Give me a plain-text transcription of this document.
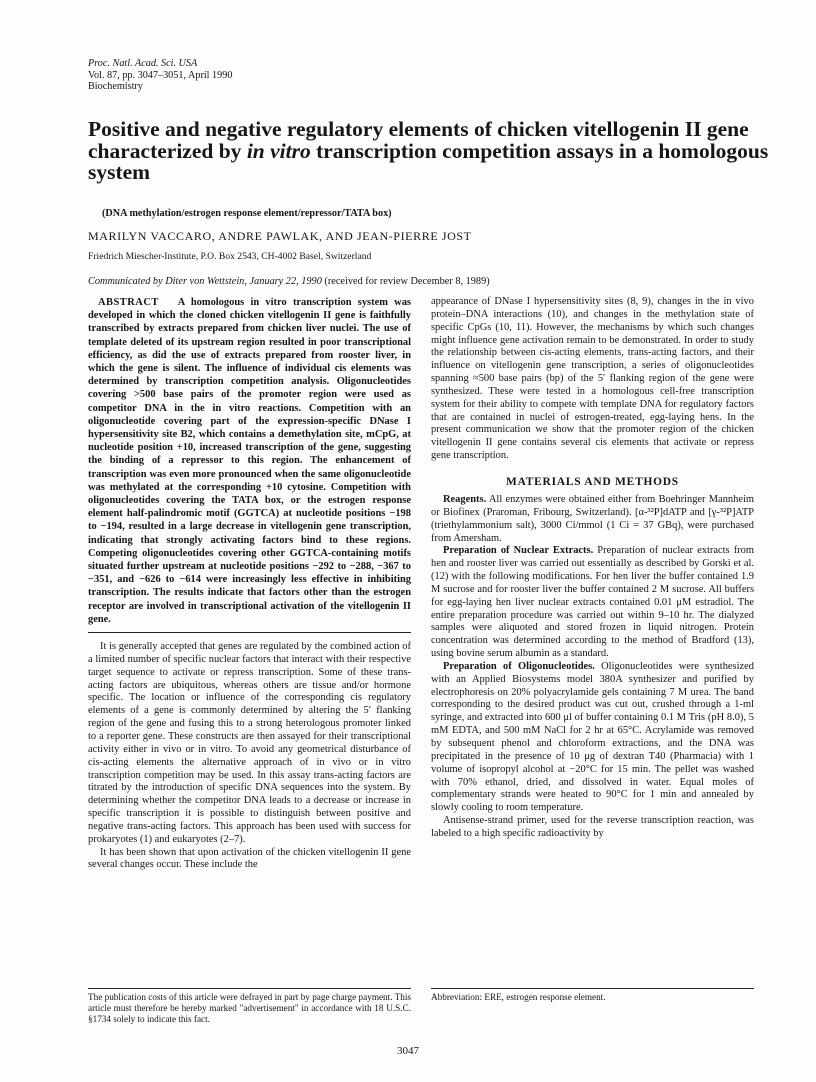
Proc. Natl. Acad. Sci. USA
Vol. 87, pp. 3047–3051, April 1990
Biochemistry
Positive and negative regulatory elements of chicken vitellogenin II gene characterized by in vitro transcription competition assays in a homologous system
(DNA methylation/estrogen response element/repressor/TATA box)
MARILYN VACCARO, ANDRE PAWLAK, AND JEAN-PIERRE JOST
Friedrich Miescher-Institute, P.O. Box 2543, CH-4002 Basel, Switzerland
Communicated by Diter von Wettstein, January 22, 1990 (received for review December 8, 1989)

ABSTRACT A homologous in vitro transcription system was developed in which the cloned chicken vitellogenin II gene is faithfully transcribed by extracts prepared from chicken liver nuclei. The use of template deleted of its upstream region resulted in poor transcriptional efficiency, as did the use of extracts prepared from rooster liver, in which the gene is silent. The influence of individual cis elements was determined by transcription competition analysis. Oligonucleotides covering >500 base pairs of the promoter region were used as competitor DNA in the in vitro reactions. Competition with an oligonucleotide covering part of the expression-specific DNase I hypersensitivity site B2, which contains a demethylation site, mCpG, at nucleotide position +10, increased transcription of the gene, suggesting the binding of a repressor to this region. The enhancement of transcription was even more pronounced when the same oligonucleotide was methylated at the corresponding +10 cytosine. Competition with oligonucleotides covering the TATA box, or the estrogen response element half-palindromic motif (GGTCA) at nucleotide positions −198 to −194, resulted in a large decrease in vitellogenin gene transcription, indicating that strongly activating factors bind to these regions. Competing oligonucleotides covering other GGTCA-containing motifs situated further upstream at nucleotide positions −292 to −288, −367 to −351, and −626 to −614 were increasingly less effective in inhibiting transcription. The results indicate that factors other than the estrogen receptor are involved in transcriptional activation of the vitellogenin II gene.

It is generally accepted that genes are regulated by the combined action of a limited number of specific nuclear factors that interact with their respective target sequence to activate or repress transcription. Some of these trans-acting factors are ubiquitous, whereas others are tissue and/or hormone specific. The location or influence of the corresponding cis regulatory elements of a gene is commonly determined by altering the 5′ flanking region of the gene and fusing this to a strong heterologous promoter linked to a reporter gene. These constructs are then assayed for their transcriptional activity either in vivo or in vitro. To avoid any geometrical disturbance of cis-acting elements the alternative approach of in vivo or in vitro transcription competition may be used. In this assay trans-acting factors are titrated by the introduction of specific DNA sequences into the system. By determining whether the competitor DNA leads to a decrease or increase in specific transcription it is possible to distinguish between positive and negative trans-acting factors. This approach has been used with success for prokaryotes (1) and eukaryotes (2–7).

It has been shown that upon activation of the chicken vitellogenin II gene several changes occur. These include the

appearance of DNase I hypersensitivity sites (8, 9), changes in the in vivo protein–DNA interactions (10), and changes in the methylation state of specific CpGs (10, 11). However, the mechanisms by which such changes might influence gene activation remain to be demonstrated. In order to study the relationship between cis-acting elements, trans-acting factors, and their influence on vitellogenin gene transcription, a series of oligonucleotides spanning ≈500 base pairs (bp) of the 5′ flanking region of the gene were synthesized. These were tested in a homologous cell-free transcription system for their ability to compete with template DNA for regulatory factors that are contained in nuclei of estrogen-treated, egg-laying hens. In the present communication we show that the promoter region of the chicken vitellogenin II gene contains several cis elements that activate or repress gene transcription.

MATERIALS AND METHODS

Reagents. All enzymes were obtained either from Boehringer Mannheim or Biofinex (Praroman, Fribourg, Switzerland). [α-³²P]dATP and [γ-³²P]ATP (triethylammonium salt), 3000 Ci/mmol (1 Ci = 37 GBq), were purchased from Amersham.

Preparation of Nuclear Extracts. Preparation of nuclear extracts from hen and rooster liver was carried out essentially as described by Gorski et al. (12) with the following modifications. For hen liver the buffer contained 1.9 M sucrose and for rooster liver the buffer contained 2 M sucrose. All buffers for egg-laying hen liver nuclear extracts contained 0.01 μM estradiol. The entire preparation procedure was carried out within 9–10 hr. The dialyzed samples were aliquoted and stored frozen in liquid nitrogen. Protein concentration was determined according to the method of Bradford (13), using bovine serum albumin as a standard.

Preparation of Oligonucleotides. Oligonucleotides were synthesized with an Applied Biosystems model 380A synthesizer and purified by electrophoresis on 20% polyacrylamide gels containing 7 M urea. The band corresponding to the desired product was cut out, crushed through a 1-ml syringe, and extracted into 600 μl of buffer containing 0.1 M Tris (pH 8.0), 5 mM EDTA, and 500 mM NaCl for 2 hr at 65°C. Acrylamide was removed by subsequent phenol and chloroform extractions, and the DNA was precipitated in the presence of 10 μg of dextran T40 (Pharmacia) with 1 volume of isopropyl alcohol at −20°C for 15 min. The pellet was washed with 70% ethanol, dried, and dissolved in water. Equal moles of complementary strands were heated to 90°C for 1 min and annealed by slowly cooling to room temperature.

Antisense-strand primer, used for the reverse transcription reaction, was labeled to a high specific radioactivity by

The publication costs of this article were defrayed in part by page charge payment. This article must therefore be hereby marked "advertisement" in accordance with 18 U.S.C. §1734 solely to indicate this fact.
Abbreviation: ERE, estrogen response element.
3047
